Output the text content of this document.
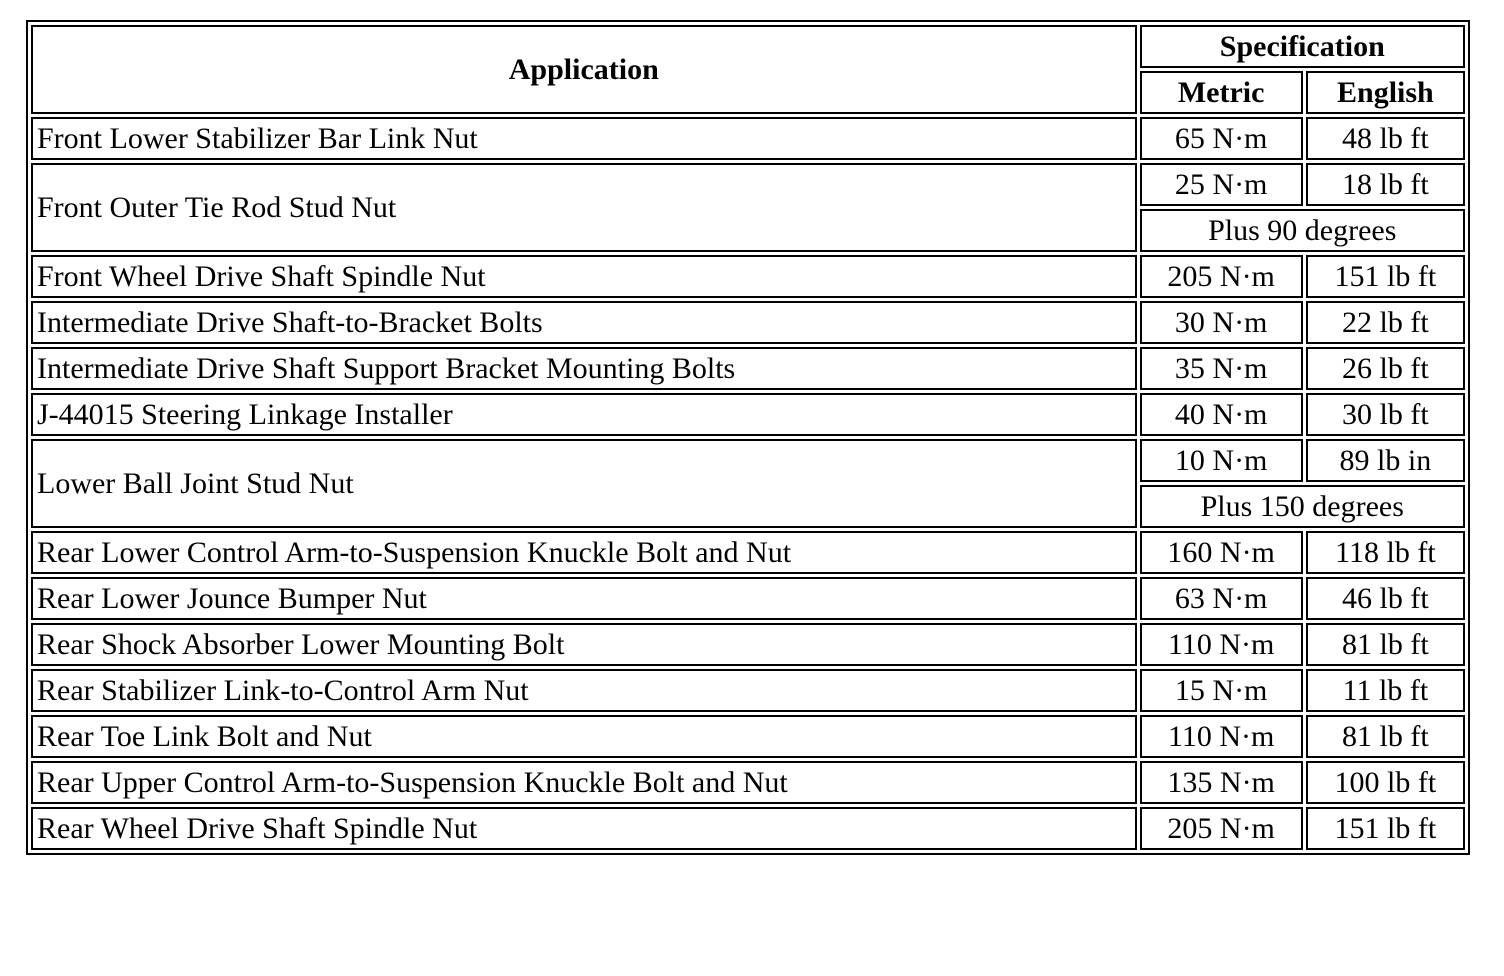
Application	Specification	
	Metric	English
Front Lower Stabilizer Bar Link Nut	65 N·m	48 lb ft
Front Outer Tie Rod Stud Nut	25 N·m	18 lb ft
	Plus 90 degrees	
Front Wheel Drive Shaft Spindle Nut	205 N·m	151 lb ft
Intermediate Drive Shaft-to-Bracket Bolts	30 N·m	22 lb ft
Intermediate Drive Shaft Support Bracket Mounting Bolts	35 N·m	26 lb ft
J-44015 Steering Linkage Installer	40 N·m	30 lb ft
Lower Ball Joint Stud Nut	10 N·m	89 lb in
	Plus 150 degrees	
Rear Lower Control Arm-to-Suspension Knuckle Bolt and Nut	160 N·m	118 lb ft
Rear Lower Jounce Bumper Nut	63 N·m	46 lb ft
Rear Shock Absorber Lower Mounting Bolt	110 N·m	81 lb ft
Rear Stabilizer Link-to-Control Arm Nut	15 N·m	11 lb ft
Rear Toe Link Bolt and Nut	110 N·m	81 lb ft
Rear Upper Control Arm-to-Suspension Knuckle Bolt and Nut	135 N·m	100 lb ft
Rear Wheel Drive Shaft Spindle Nut	205 N·m	151 lb ft
